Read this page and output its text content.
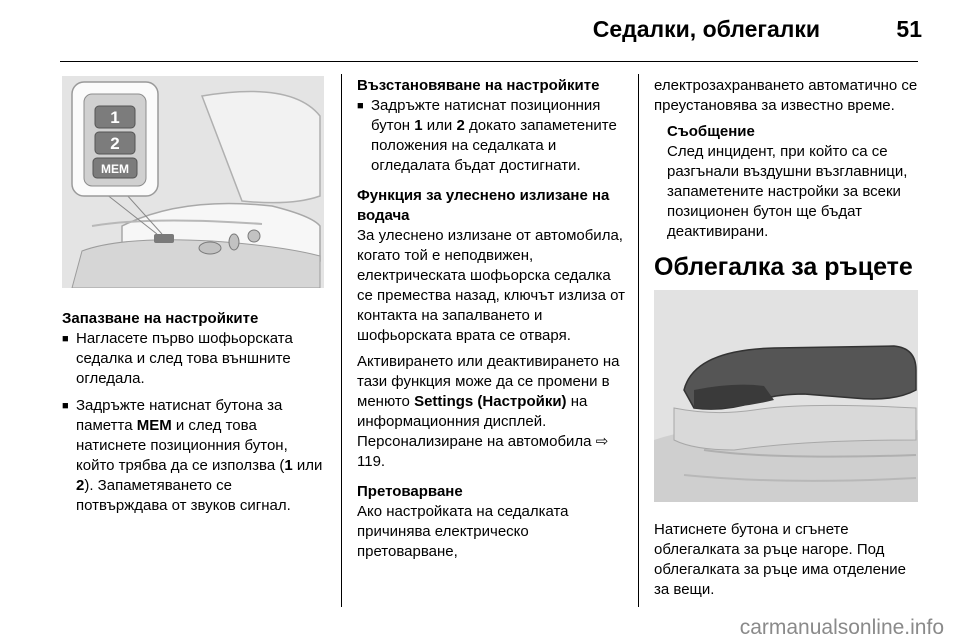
Седалки, облегалки	51
1
2
MEM
Запазване на настройките
■ Нагласете първо шофьорската седалка и след това външните огледала.
■ Задръжте натиснат бутона за паметта MEM и след това натиснете позиционния бутон, който трябва да се използва (1 или 2). Запаметяването се потвърждава от звуков сигнал.
Възстановяване на настройките
■ Задръжте натиснат позиционния бутон 1 или 2 докато запаметените положения на седалката и огледалата бъдат достигнати.
Функция за улеснено излизане на водача

За улеснено излизане от автомобила, когато той е неподвижен, електрическата шофьорска седалка се премества назад, ключът излиза от контакта на запалването и шофьорската врата се отваря.

Активирането или деактивирането на тази функция може да се промени в менюто Settings (Настройки) на информационния дисплей. Персонализиране на автомобила ⇨ 119.

Претоварване

Ако настройката на седалката причинява електрическо претоварване,

електрозахранването автоматично се преустановява за известно време.

Съобщение

След инцидент, при който са се разгънали въздушни възглавници, запаметените настройки за всеки позиционен бутон ще бъдат деактивирани.

Облегалка за ръцете

Натиснете бутона и сгънете облегалката за ръце нагоре. Под облегалката за ръце има отделение за вещи.

carmanualsonline.info
